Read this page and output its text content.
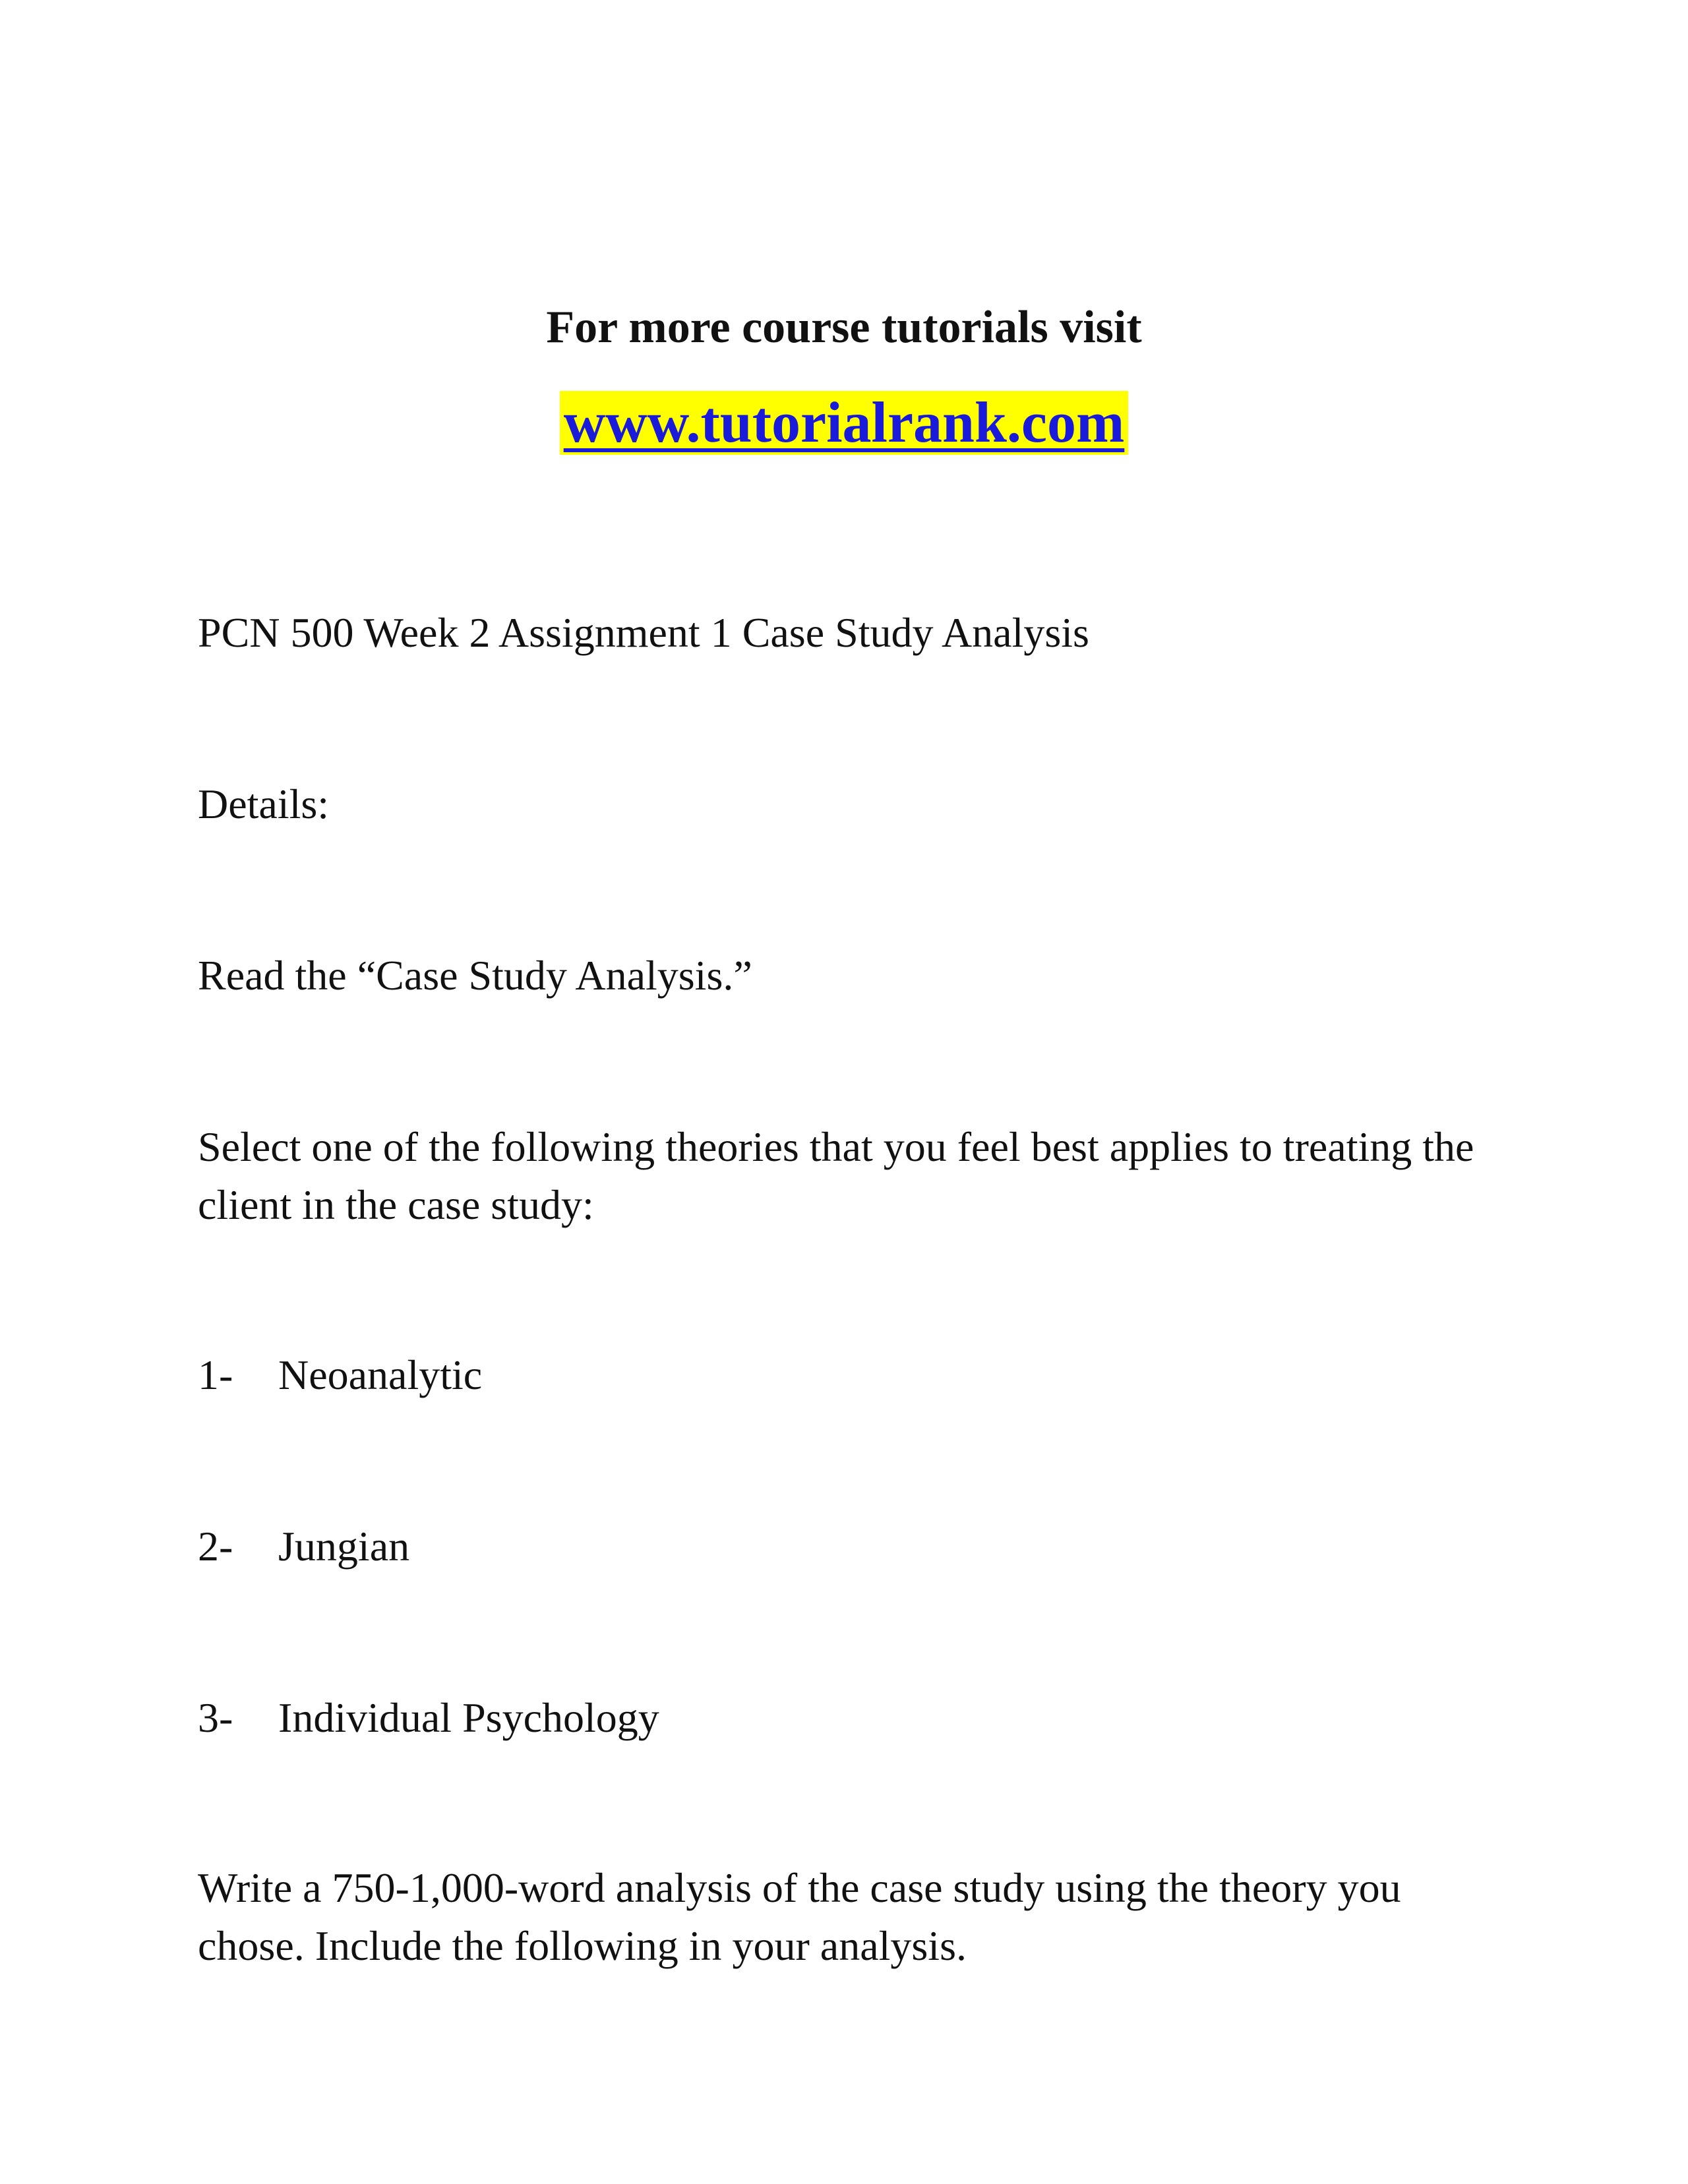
For more course tutorials visit
www.tutorialrank.com
PCN 500 Week 2 Assignment 1 Case Study Analysis
Details:
Read the “Case Study Analysis.”
Select one of the following theories that you feel best applies to treating the client in the case study:
1- Neoanalytic
2- Jungian
3- Individual Psychology
Write a 750-1,000-word analysis of the case study using the theory you chose. Include the following in your analysis.
